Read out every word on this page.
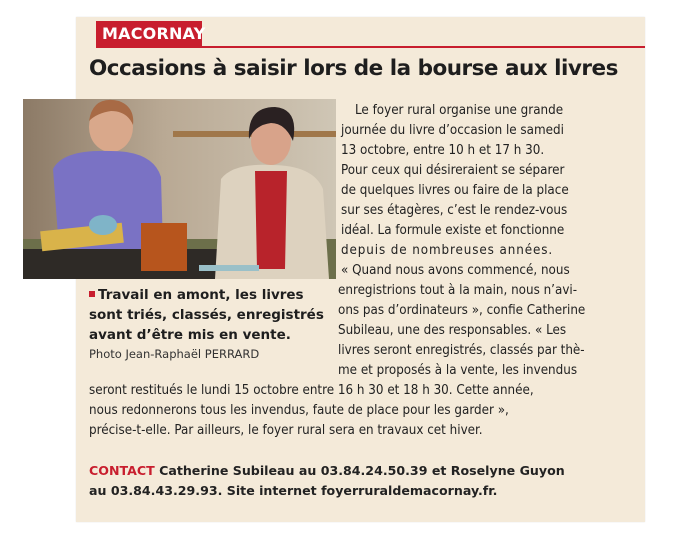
MACORNAY
Occasions à saisir lors de la bourse aux livres
Travail en amont, les livres
sont triés, classés, enregistrés
avant d’être mis en vente.
Photo Jean-Raphaël PERRARD
Le foyer rural organise une grande
journée du livre d’occasion le samedi
13 octobre, entre 10 h et 17 h 30.
Pour ceux qui désireraient se séparer
de quelques livres ou faire de la place
sur ses étagères, c’est le rendez-vous
idéal. La formule existe et fonctionne
depuis de nombreuses années.
« Quand nous avons commencé, nous
enregistrions tout à la main, nous n’avi-
ons pas d’ordinateurs », confie Catherine
Subileau, une des responsables. « Les
livres seront enregistrés, classés par thè-
me et proposés à la vente, les invendus
seront restitués le lundi 15 octobre entre 16 h 30 et 18 h 30. Cette année,
nous redonnerons tous les invendus, faute de place pour les garder »,
précise-t-elle. Par ailleurs, le foyer rural sera en travaux cet hiver.
CONTACT Catherine Subileau au 03.84.24.50.39 et Roselyne Guyon
au 03.84.43.29.93. Site internet foyerruraldemacornay.fr.
